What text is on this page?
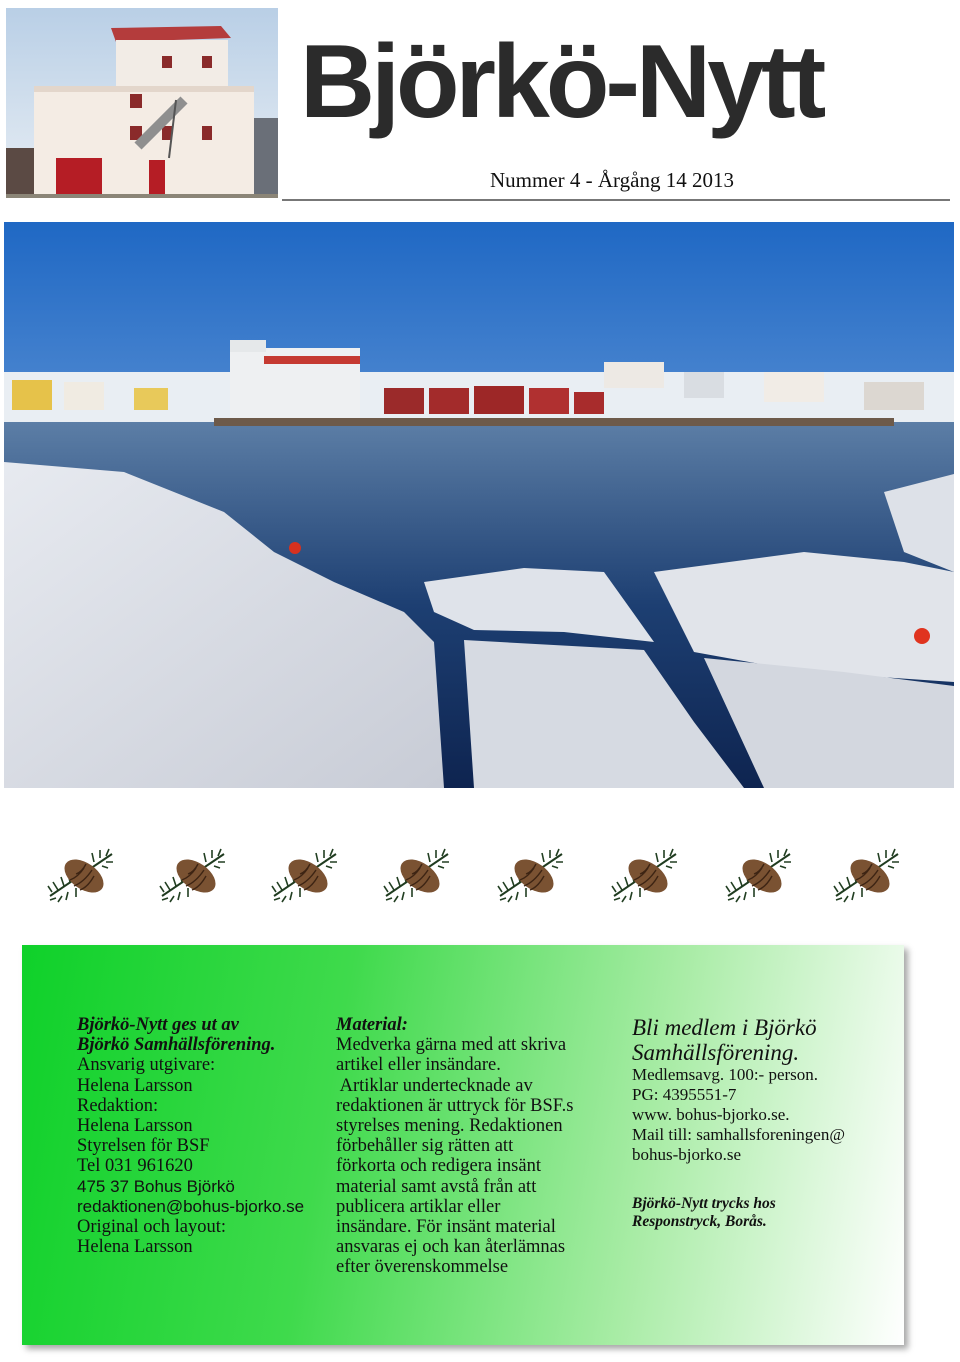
Björkö-Nytt
Nummer 4 - Årgång 14 2013
Björkö-Nytt ges ut av
Björkö Samhällsförening.
Ansvarig utgivare:
Helena Larsson
Redaktion:
Helena Larsson
Styrelsen för BSF
Tel 031 961620
475 37 Bohus Björkö
redaktionen@bohus-bjorko.se
Original och layout:
Helena Larsson
Material:
Medverka gärna med att skriva
artikel eller insändare.
Artiklar undertecknade av
redaktionen är uttryck för BSF.s
styrelses mening. Redaktionen
förbehåller sig rätten att
förkorta och redigera insänt
material samt avstå från att
publicera artiklar eller
insändare. För insänt material
ansvaras ej och kan återlämnas
efter överenskommelse
Bli medlem i Björkö
Samhällsförening.
Medlemsavg. 100:- person.
PG: 4395551-7
www. bohus-bjorko.se.
Mail till: samhallsforeningen@
bohus-bjorko.se
Björkö-Nytt trycks hos
Responstryck, Borås.
